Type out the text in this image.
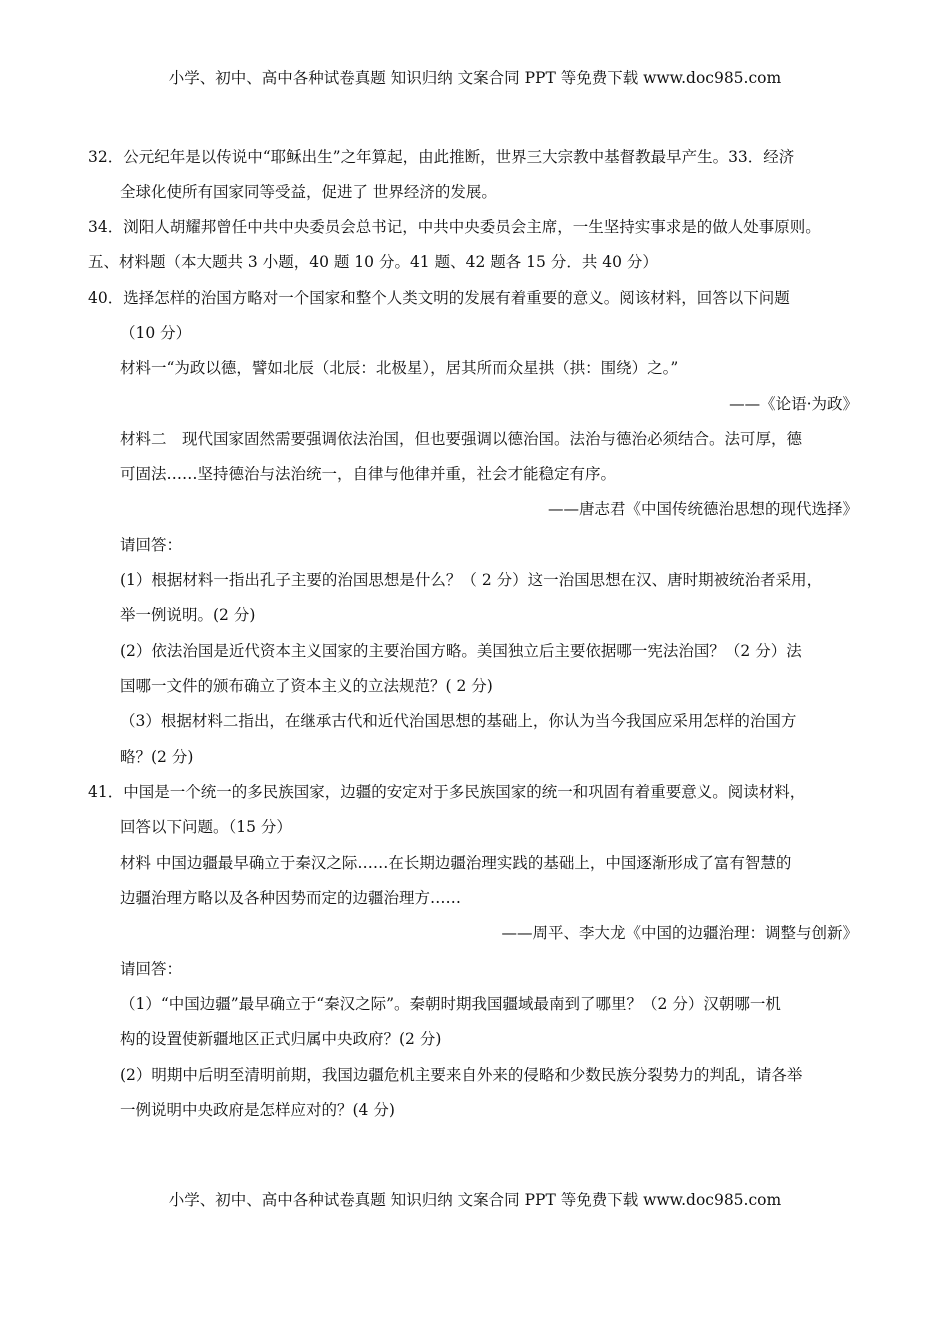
小学、初中、高中各种试卷真题 知识归纳 文案合同 PPT 等免费下载 www.doc985.com
32．公元纪年是以传说中“耶稣出生”之年算起，由此推断，世界三大宗教中基督教最早产生。33．经济
全球化使所有国家同等受益，促进了 世界经济的发展。
34．浏阳人胡耀邦曾任中共中央委员会总书记，中共中央委员会主席，一生坚持实事求是的做人处事原则。
五、材料题（本大题共 3 小题，40 题 10 分。41 题、42 题各 15 分．共 40 分）
40．选择怎样的治国方略对一个国家和整个人类文明的发展有着重要的意义。阅该材料，回答以下问题
（10 分）
材料一“为政以德，譬如北辰（北辰：北极星），居其所而众星拱（拱：围绕）之。”
——《论语·为政》
材料二　现代国家固然需要强调依法治国，但也要强调以德治国。法治与德治必须结合。法可厚，德
可固法……坚持德治与法治统一，自律与他律并重，社会才能稳定有序。
——唐志君《中国传统德治思想的现代选择》
请回答：
(1）根据材料一指出孔子主要的治国思想是什么？（ 2 分）这一治国思想在汉、唐时期被统治者采用，
举一例说明。(2 分)
(2）依法治国是近代资本主义国家的主要治国方略。美国独立后主要依据哪一宪法治国？（2 分）法
国哪一文件的颁布确立了资本主义的立法规范？( 2 分)
（3）根据材料二指出，在继承古代和近代治国思想的基础上，你认为当今我国应采用怎样的治国方
略？(2 分)
41．中国是一个统一的多民族国家，边疆的安定对于多民族国家的统一和巩固有着重要意义。阅读材料，
回答以下问题。（15 分）
材料 中国边疆最早确立于秦汉之际……在长期边疆治理实践的基础上，中国逐渐形成了富有智慧的
边疆治理方略以及各种因势而定的边疆治理方……
——周平、李大龙《中国的边疆治理：调整与创新》
请回答：
（1）“中国边疆”最早确立于“秦汉之际”。秦朝时期我国疆域最南到了哪里？（2 分）汉朝哪一机
构的设置使新疆地区正式归属中央政府？(2 分)
(2）明期中后明至清明前期，我国边疆危机主要来自外来的侵略和少数民族分裂势力的判乱，请各举
一例说明中央政府是怎样应对的？(4 分)
小学、初中、高中各种试卷真题 知识归纳 文案合同 PPT 等免费下载 www.doc985.com
